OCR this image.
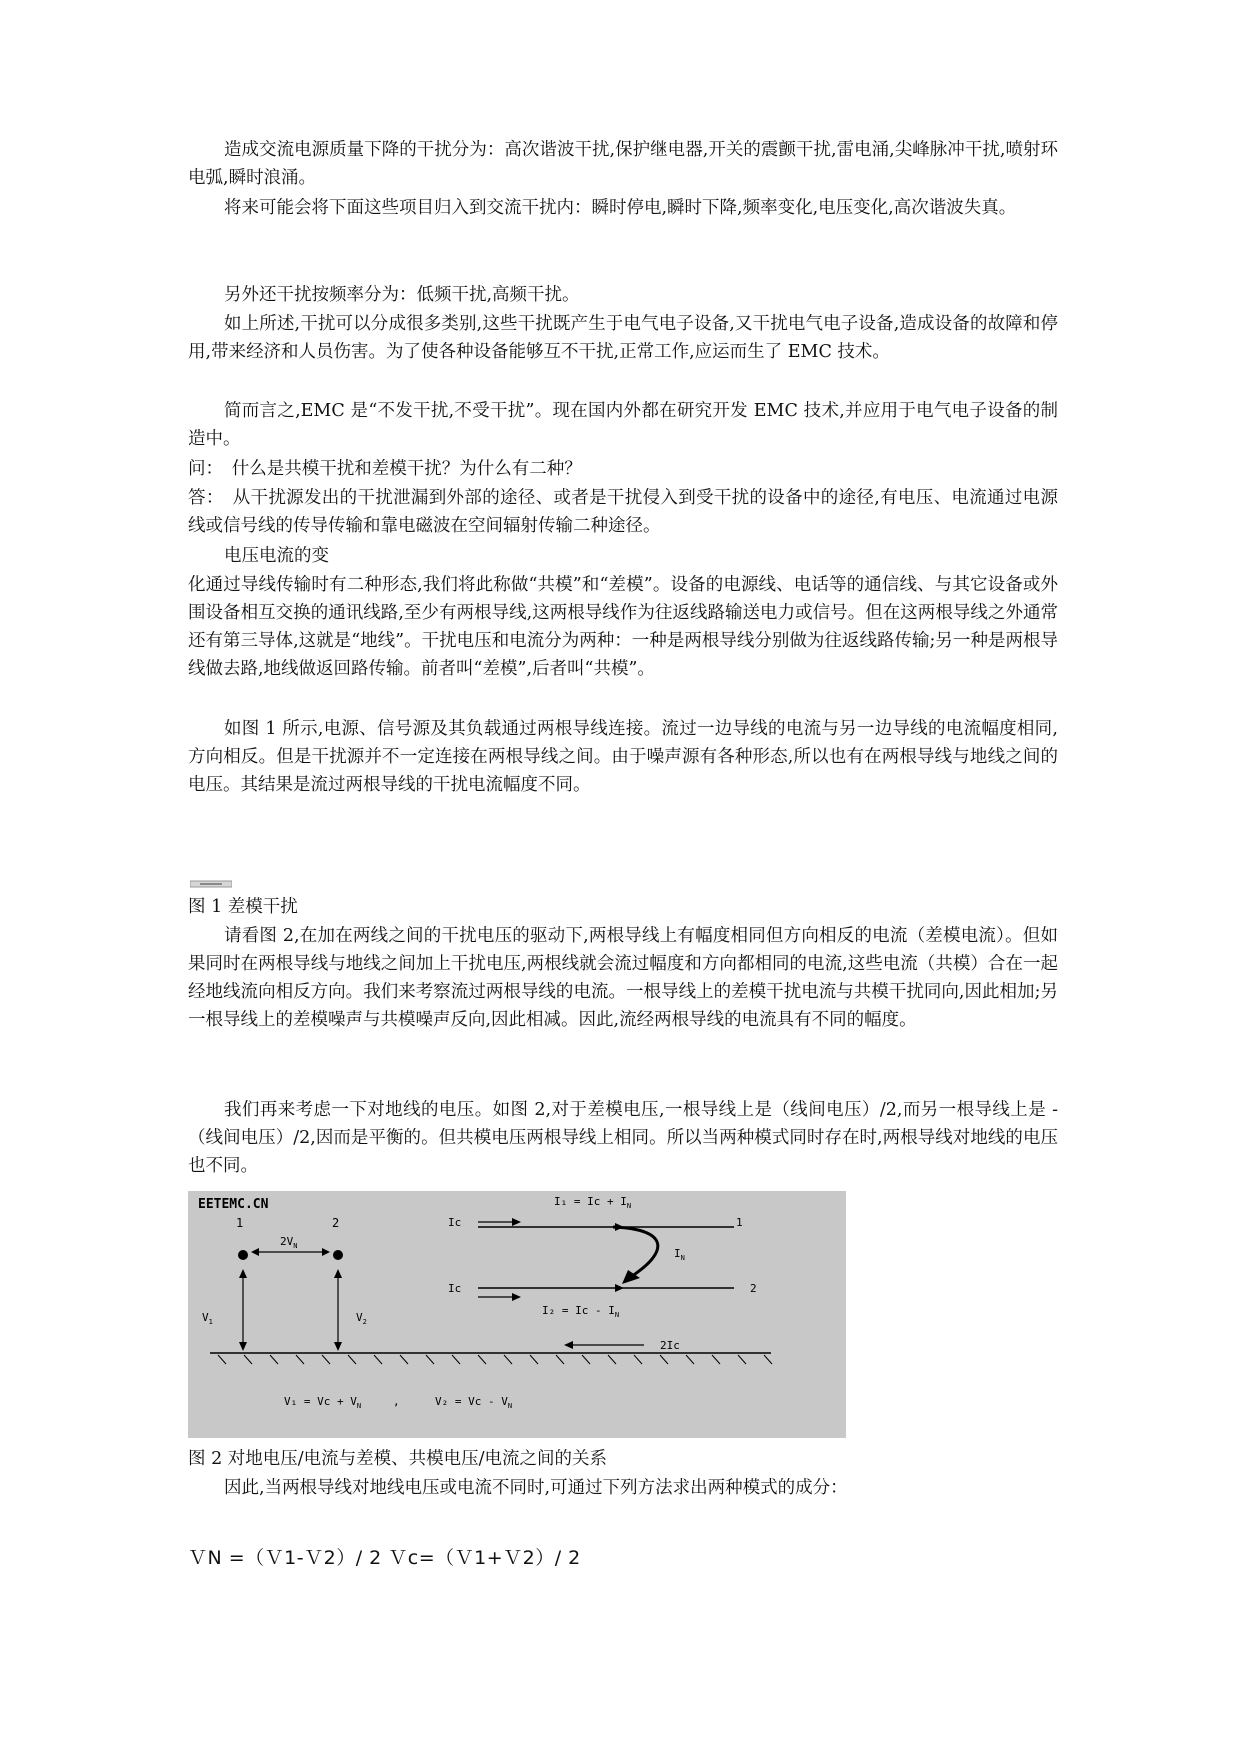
造成交流电源质量下降的干扰分为：高次谐波干扰,保护继电器,开关的震颤干扰,雷电涌,尖峰脉冲干扰,喷射环电弧,瞬时浪涌。

将来可能会将下面这些项目归入到交流干扰内：瞬时停电,瞬时下降,频率变化,电压变化,高次谐波失真。

另外还干扰按频率分为：低频干扰,高频干扰。

如上所述,干扰可以分成很多类别,这些干扰既产生于电气电子设备,又干扰电气电子设备,造成设备的故障和停用,带来经济和人员伤害。为了使各种设备能够互不干扰,正常工作,应运而生了 EMC 技术。

简而言之,EMC 是“不发干扰,不受干扰”。现在国内外都在研究开发 EMC 技术,并应用于电气电子设备的制造中。

问：　什么是共模干扰和差模干扰？为什么有二种？

答：　从干扰源发出的干扰泄漏到外部的途径、或者是干扰侵入到受干扰的设备中的途径,有电压、电流通过电源线或信号线的传导传输和靠电磁波在空间辐射传输二种途径。

电压电流的变

化通过导线传输时有二种形态,我们将此称做“共模”和“差模”。设备的电源线、电话等的通信线、与其它设备或外围设备相互交换的通讯线路,至少有两根导线,这两根导线作为往返线路输送电力或信号。但在这两根导线之外通常还有第三导体,这就是“地线”。干扰电压和电流分为两种：一种是两根导线分别做为往返线路传输;另一种是两根导线做去路,地线做返回路传输。前者叫“差模”,后者叫“共模”。

如图 1 所示,电源、信号源及其负载通过两根导线连接。流过一边导线的电流与另一边导线的电流幅度相同,方向相反。但是干扰源并不一定连接在两根导线之间。由于噪声源有各种形态,所以也有在两根导线与地线之间的电压。其结果是流过两根导线的干扰电流幅度不同。

图 1 差模干扰

请看图 2,在加在两线之间的干扰电压的驱动下,两根导线上有幅度相同但方向相反的电流（差模电流）。但如果同时在两根导线与地线之间加上干扰电压,两根线就会流过幅度和方向都相同的电流,这些电流（共模）合在一起经地线流向相反方向。我们来考察流过两根导线的电流。一根导线上的差模干扰电流与共模干扰同向,因此相加;另一根导线上的差模噪声与共模噪声反向,因此相减。因此,流经两根导线的电流具有不同的幅度。

我们再来考虑一下对地线的电压。如图 2,对于差模电压,一根导线上是（线间电压）/2,而另一根导线上是 -（线间电压）/2,因而是平衡的。但共模电压两根导线上相同。所以当两种模式同时存在时,两根导线对地线的电压也不同。

EETEMC.CN
1	2
$2V_N$
$V_1$	$V_2$
$I_1 = Ic + I_N$
Ic	1
$I_N$
Ic	2
$I_2 = Ic - I_N$
2Ic
$V_1 = Vc + V_N$	,	$V_2 = Vc - V_N$
图 2 对地电压/电流与差模、共模电压/电流之间的关系

因此,当两根导线对地线电压或电流不同时,可通过下列方法求出两种模式的成分：

ＶN =（Ｖ1-Ｖ2）/ 2 Ｖc=（Ｖ1+Ｖ2）/ 2
